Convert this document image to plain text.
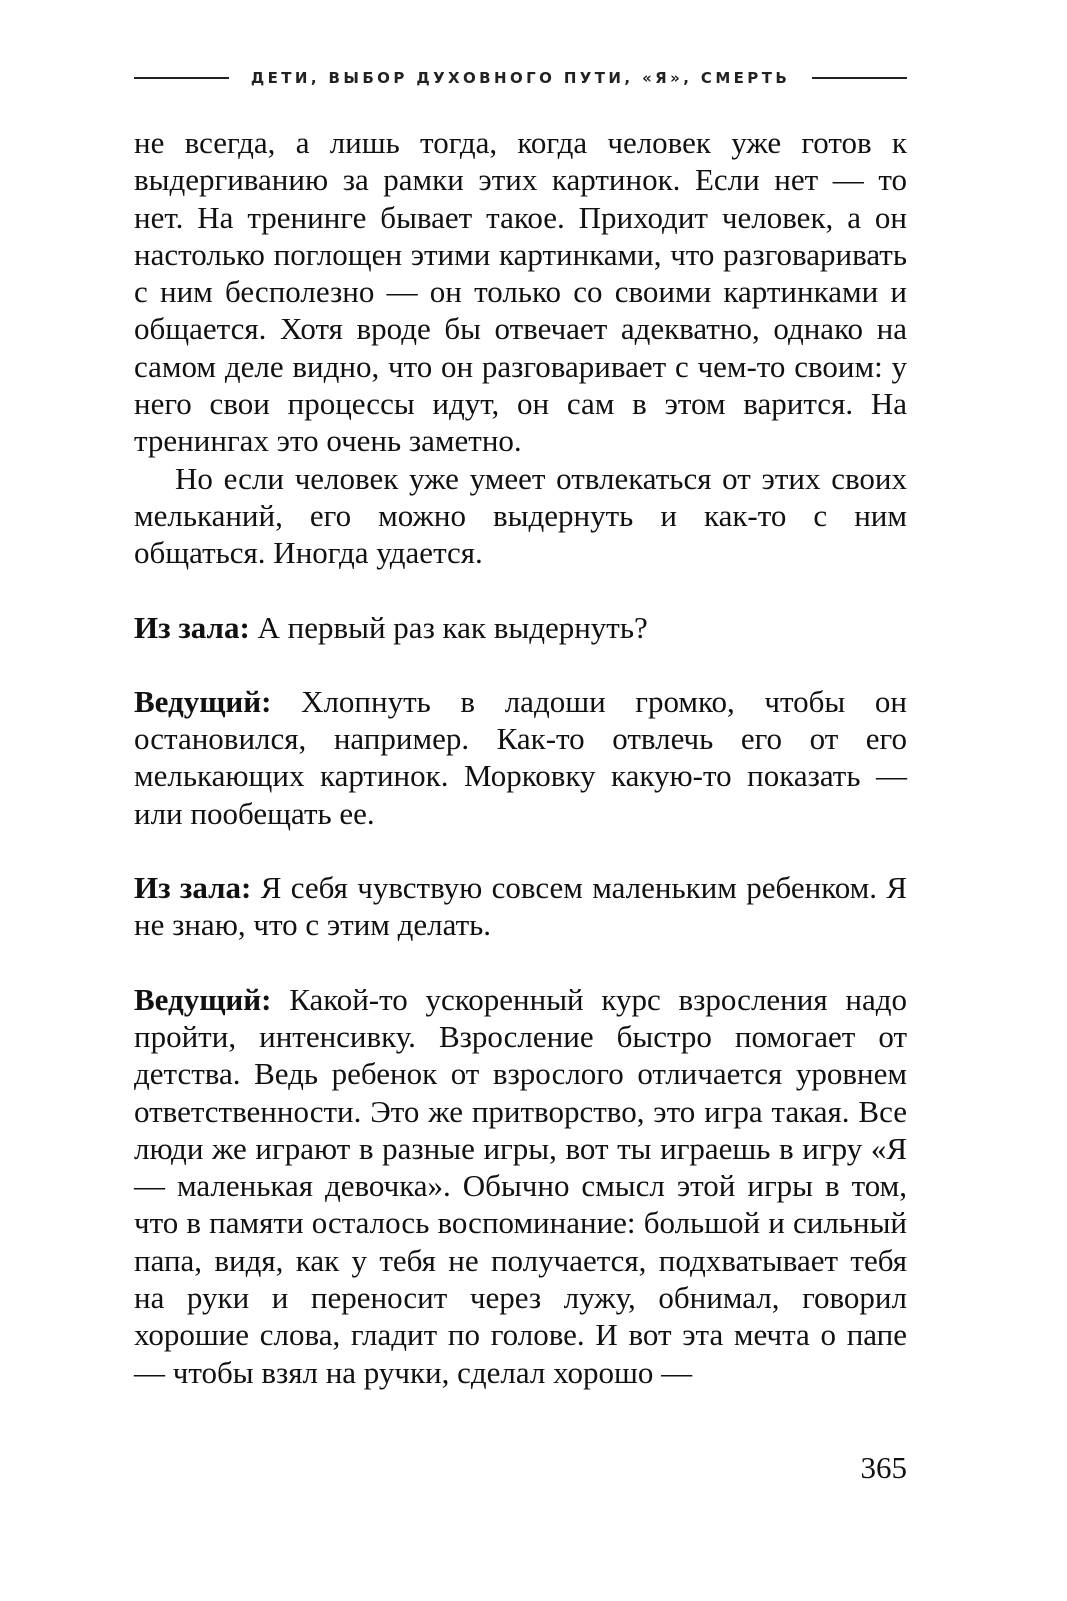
ДЕТИ, ВЫБОР ДУХОВНОГО ПУТИ, «Я», СМЕРТЬ

не всегда, а лишь тогда, когда человек уже готов к выдергиванию за рамки этих картинок. Если нет — то нет. На тренинге бывает такое. Приходит человек, а он настолько поглощен этими картинками, что разговаривать с ним бесполезно — он только со своими картинками и общается. Хотя вроде бы отвечает адекватно, однако на самом деле видно, что он разговаривает с чем-то своим: у него свои процессы идут, он сам в этом варится. На тренингах это очень заметно.

Но если человек уже умеет отвлекаться от этих своих мельканий, его можно выдернуть и как-то с ним общаться. Иногда удается.

Из зала: А первый раз как выдернуть?

Ведущий: Хлопнуть в ладоши громко, чтобы он остановился, например. Как-то отвлечь его от его мелькающих картинок. Морковку какую-то показать — или пообещать ее.

Из зала: Я себя чувствую совсем маленьким ребенком. Я не знаю, что с этим делать.

Ведущий: Какой-то ускоренный курс взросления надо пройти, интенсивку. Взросление быстро помогает от детства. Ведь ребенок от взрослого отличается уровнем ответственности. Это же притворство, это игра такая. Все люди же играют в разные игры, вот ты играешь в игру «Я — маленькая девочка». Обычно смысл этой игры в том, что в памяти осталось воспоминание: большой и сильный папа, видя, как у тебя не получается, подхватывает тебя на руки и переносит через лужу, обнимал, говорил хорошие слова, гладит по голове. И вот эта мечта о папе — чтобы взял на ручки, сделал хорошо —

365
